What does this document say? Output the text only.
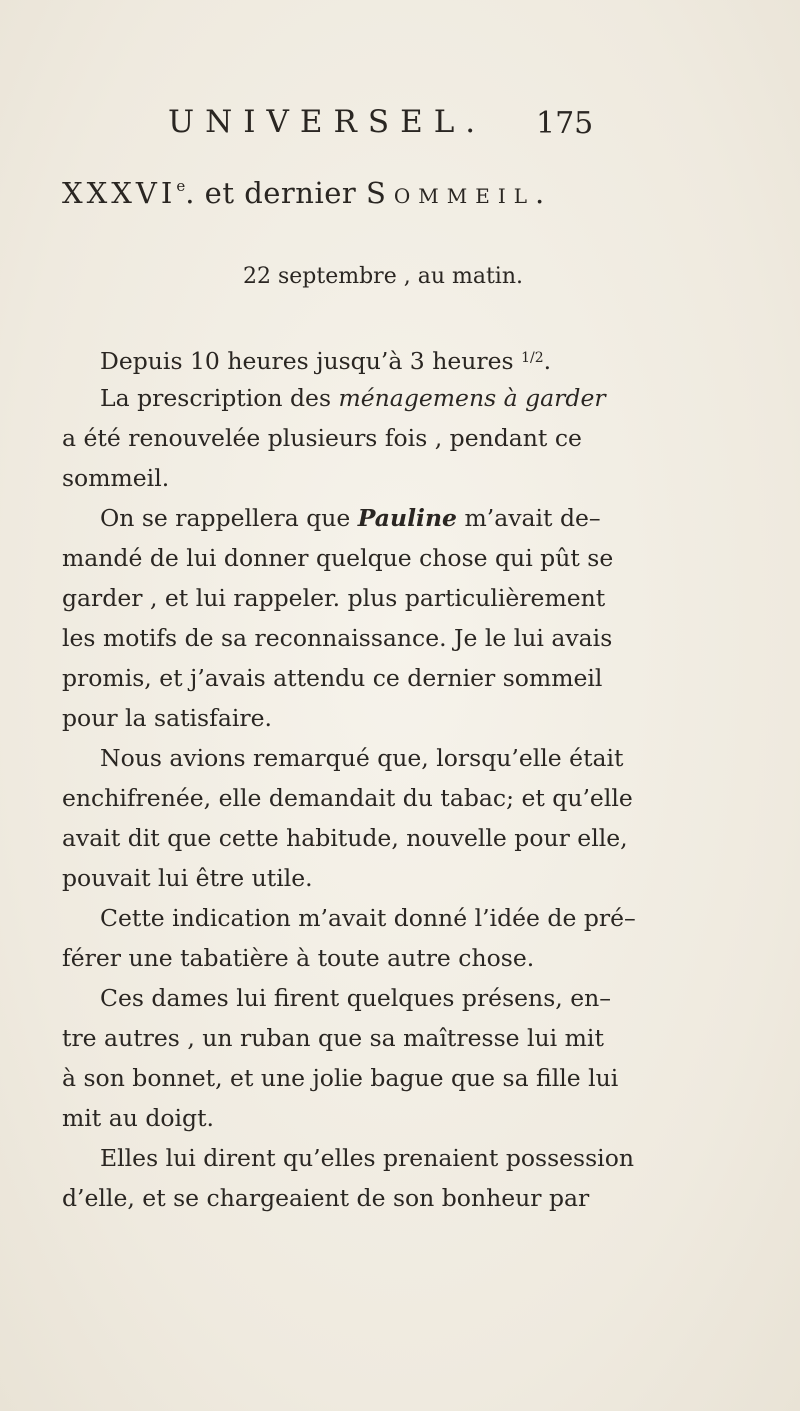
UNIVERSEL. 175
XXXVIe. et dernier Sommeil.
22 septembre , au matin.
Depuis 10 heures jusqu’à 3 heures $^{1/2}$.
La prescription des ménagemens à garder
a été renouvelée plusieurs fois , pendant ce
sommeil.
On se rappellera que Pauline m’avait de–
mandé de lui donner quelque chose qui pût se
garder , et lui rappeler. plus particulièrement
les motifs de sa reconnaissance. Je le lui avais
promis, et j’avais attendu ce dernier sommeil
pour la satisfaire.
Nous avions remarqué que, lorsqu’elle était
enchifrenée, elle demandait du tabac; et qu’elle
avait dit que cette habitude, nouvelle pour elle,
pouvait lui être utile.
Cette indication m’avait donné l’idée de pré–
férer une tabatière à toute autre chose.
Ces dames lui firent quelques présens, en–
tre autres , un ruban que sa maîtresse lui mit
à son bonnet, et une jolie bague que sa fille lui
mit au doigt.
Elles lui dirent qu’elles prenaient possession
d’elle, et se chargeaient de son bonheur par
